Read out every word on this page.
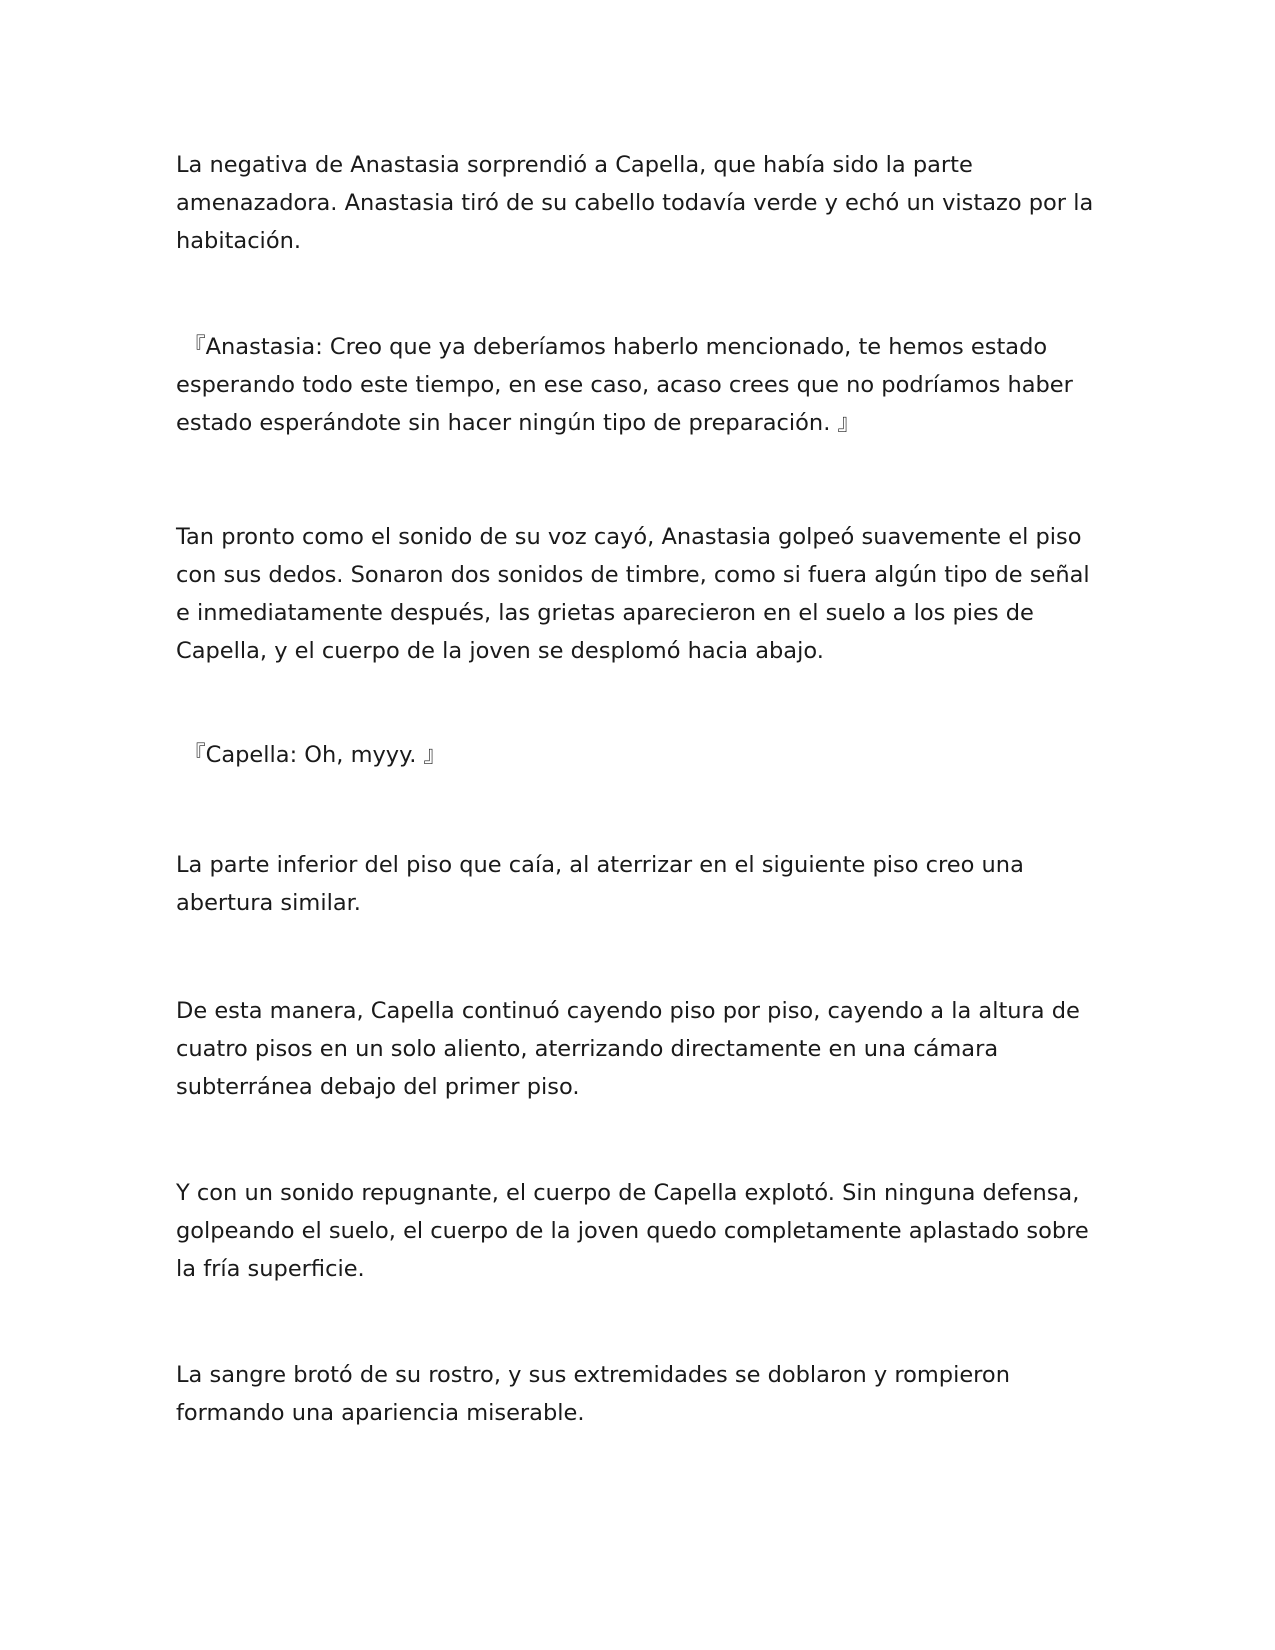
La negativa de Anastasia sorprendió a Capella, que había sido la parte amenazadora. Anastasia tiró de su cabello todavía verde y echó un vistazo por la habitación.

『Anastasia: Creo que ya deberíamos haberlo mencionado, te hemos estado esperando todo este tiempo, en ese caso, acaso crees que no podríamos haber estado esperándote sin hacer ningún tipo de preparación. 』

Tan pronto como el sonido de su voz cayó, Anastasia golpeó suavemente el piso con sus dedos. Sonaron dos sonidos de timbre, como si fuera algún tipo de señal e inmediatamente después, las grietas aparecieron en el suelo a los pies de Capella, y el cuerpo de la joven se desplomó hacia abajo.

『Capella: Oh, myyy. 』

La parte inferior del piso que caía, al aterrizar en el siguiente piso creo una abertura similar.

De esta manera, Capella continuó cayendo piso por piso, cayendo a la altura de cuatro pisos en un solo aliento, aterrizando directamente en una cámara subterránea debajo del primer piso.

Y con un sonido repugnante, el cuerpo de Capella explotó. Sin ninguna defensa, golpeando el suelo, el cuerpo de la joven quedo completamente aplastado sobre la fría superficie.

La sangre brotó de su rostro, y sus extremidades se doblaron y rompieron formando una apariencia miserable.
